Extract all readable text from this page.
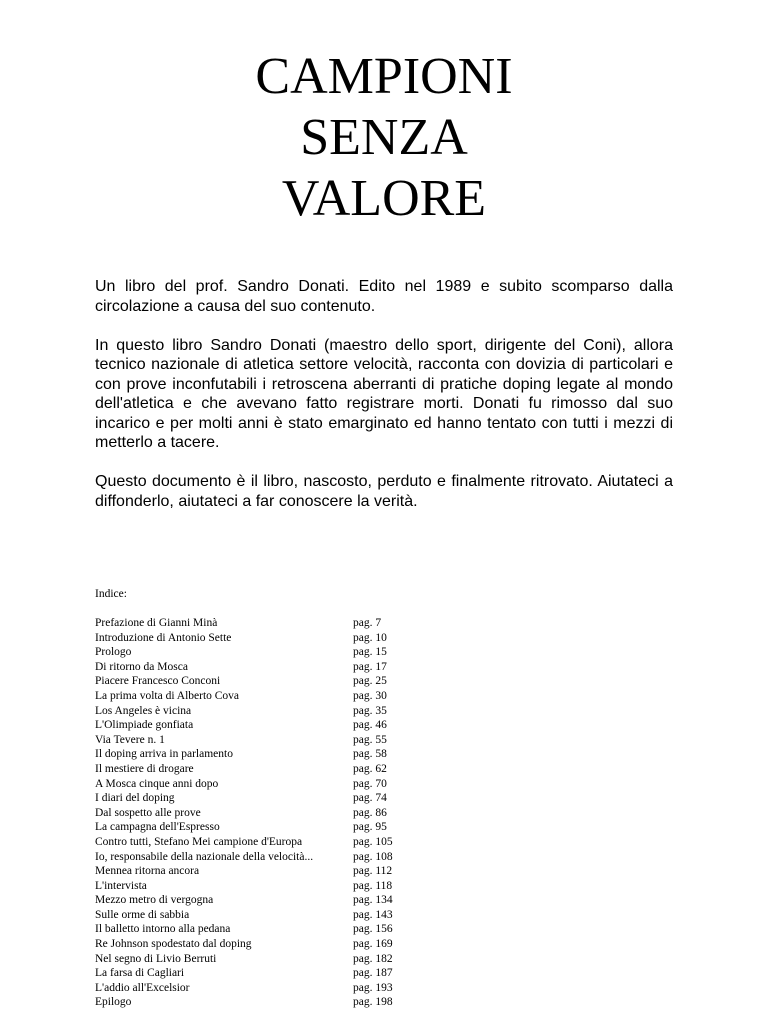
CAMPIONI
SENZA
VALORE

Un libro del prof. Sandro Donati. Edito nel 1989 e subito scomparso dalla circolazione a causa del suo contenuto.

In questo libro Sandro Donati (maestro dello sport, dirigente del Coni), allora tecnico nazionale di atletica settore velocità, racconta con dovizia di particolari e con prove inconfutabili i retroscena aberranti di pratiche doping legate al mondo dell'atletica e che avevano fatto registrare morti. Donati fu rimosso dal suo incarico e per molti anni è stato emarginato ed hanno tentato con tutti i mezzi di metterlo a tacere.

Questo documento è il libro, nascosto, perduto e finalmente ritrovato. Aiutateci a diffonderlo, aiutateci a far conoscere la verità.

Indice:
Prefazione di Gianni Minà	pag. 7
Introduzione di Antonio Sette	pag. 10
Prologo	pag. 15
Di ritorno da Mosca	pag. 17
Piacere Francesco Conconi	pag. 25
La prima volta di Alberto Cova	pag. 30
Los Angeles è vicina	pag. 35
L'Olimpiade gonfiata	pag. 46
Via Tevere n. 1	pag. 55
Il doping arriva in parlamento	pag. 58
Il mestiere di drogare	pag. 62
A Mosca cinque anni dopo	pag. 70
I diari del doping	pag. 74
Dal sospetto alle prove	pag. 86
La campagna dell'Espresso	pag. 95
Contro tutti, Stefano Mei campione d'Europa	pag. 105
Io, responsabile della nazionale della velocità...	pag. 108
Mennea ritorna ancora	pag. 112
L'intervista	pag. 118
Mezzo metro di vergogna	pag. 134
Sulle orme di sabbia	pag. 143
Il balletto intorno alla pedana	pag. 156
Re Johnson spodestato dal doping	pag. 169
Nel segno di Livio Berruti	pag. 182
La farsa di Cagliari	pag. 187
L'addio all'Excelsior	pag. 193
Epilogo	pag. 198
